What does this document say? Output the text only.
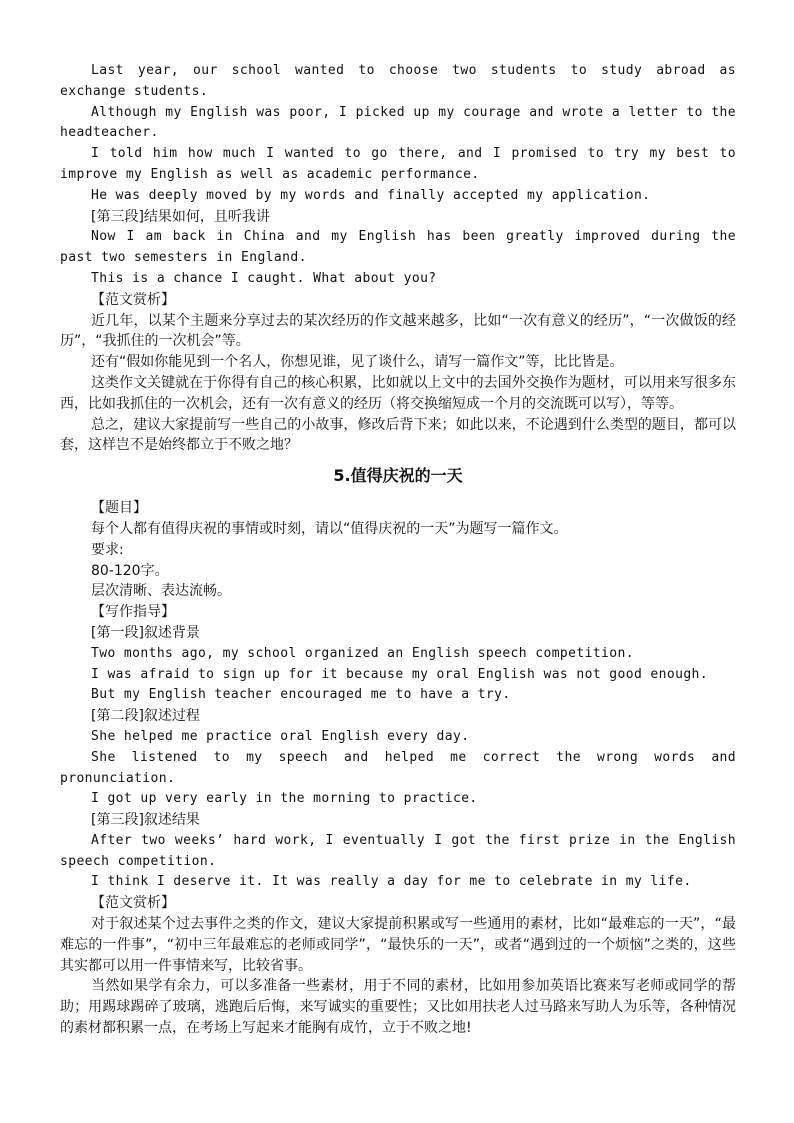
Last year, our school wanted to choose two students to study abroad as exchange students.

Although my English was poor, I picked up my courage and wrote a letter to the headteacher.

I told him how much I wanted to go there, and I promised to try my best to improve my English as well as academic performance.

He was deeply moved by my words and finally accepted my application.

[第三段]结果如何，且听我讲

Now I am back in China and my English has been greatly improved during the past two semesters in England.

This is a chance I caught. What about you?

【范文赏析】

近几年，以某个主题来分享过去的某次经历的作文越来越多，比如“一次有意义的经历”，“一次做饭的经历”，“我抓住的一次机会”等。

还有“假如你能见到一个名人，你想见谁，见了谈什么，请写一篇作文”等，比比皆是。

这类作文关键就在于你得有自己的核心积累，比如就以上文中的去国外交换作为题材，可以用来写很多东西，比如我抓住的一次机会，还有一次有意义的经历（将交换缩短成一个月的交流既可以写），等等。

总之，建议大家提前写一些自己的小故事，修改后背下来；如此以来，不论遇到什么类型的题目，都可以套，这样岂不是始终都立于不败之地？

5.值得庆祝的一天

【题目】

每个人都有值得庆祝的事情或时刻，请以“值得庆祝的一天”为题写一篇作文。

要求:

80-120字。

层次清晰、表达流畅。

【写作指导】

[第一段]叙述背景

Two months ago, my school organized an English speech competition.

I was afraid to sign up for it because my oral English was not good enough.

But my English teacher encouraged me to have a try.

[第二段]叙述过程

She helped me practice oral English every day.

She listened to my speech and helped me correct the wrong words and pronunciation.

I got up very early in the morning to practice.

[第三段]叙述结果

After two weeks’ hard work, I eventually I got the first prize in the English speech competition.

I think I deserve it. It was really a day for me to celebrate in my life.

【范文赏析】

对于叙述某个过去事件之类的作文，建议大家提前积累或写一些通用的素材，比如“最难忘的一天”，“最难忘的一件事”，“初中三年最难忘的老师或同学”，“最快乐的一天”，或者“遇到过的一个烦恼”之类的，这些其实都可以用一件事情来写，比较省事。

当然如果学有余力，可以多准备一些素材，用于不同的素材，比如用参加英语比赛来写老师或同学的帮助；用踢球踢碎了玻璃，逃跑后后悔，来写诚实的重要性；又比如用扶老人过马路来写助人为乐等，各种情况的素材都积累一点，在考场上写起来才能胸有成竹，立于不败之地!
